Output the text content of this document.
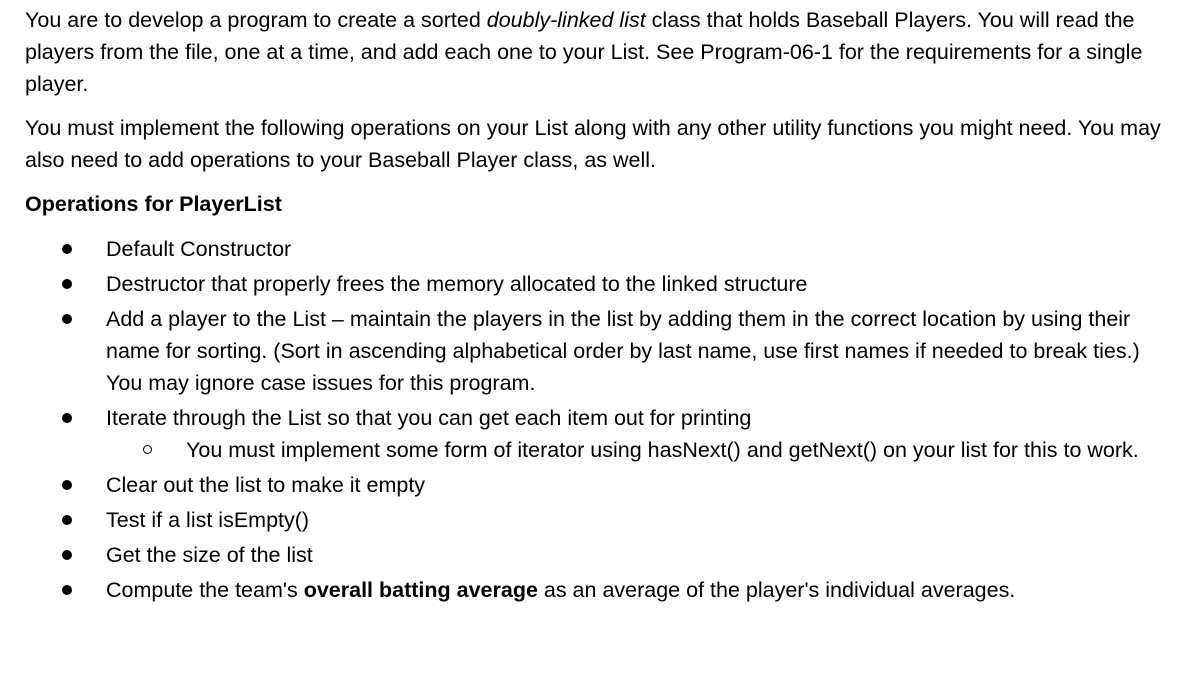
You are to develop a program to create a sorted doubly-linked list class that holds Baseball Players. You will read the players from the file, one at a time, and add each one to your List. See Program-06-1 for the requirements for a single player.

You must implement the following operations on your List along with any other utility functions you might need. You may also need to add operations to your Baseball Player class, as well.

Operations for PlayerList

Default Constructor
Destructor that properly frees the memory allocated to the linked structure
Add a player to the List – maintain the players in the list by adding them in the correct location by using their name for sorting. (Sort in ascending alphabetical order by last name, use first names if needed to break ties.) You may ignore case issues for this program.
Iterate through the List so that you can get each item out for printing
You must implement some form of iterator using hasNext() and getNext() on your list for this to work.
Clear out the list to make it empty
Test if a list isEmpty()
Get the size of the list
Compute the team's overall batting average as an average of the player's individual averages.
